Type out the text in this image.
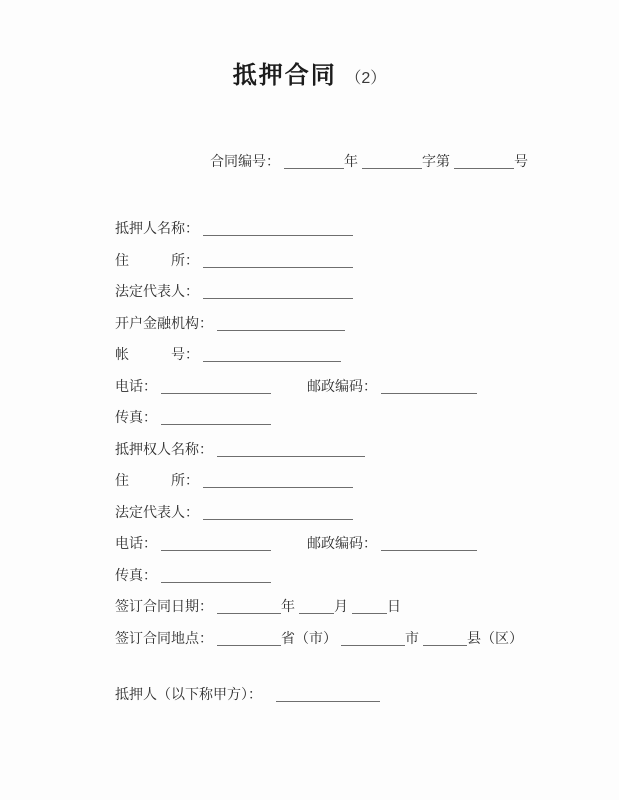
抵押合同 （2）
合同编号：	年	字第	号
抵押人名称：
住　　　所：
法定代表人：
开户金融机构：
帐　　　号：
电话：	邮政编码：
传真：
抵押权人名称：
住　　　所：
法定代表人：
电话：	邮政编码：
传真：
签订合同日期：	年	月	日
签订合同地点：	省（市）	市	县（区）
抵押人（以下称甲方）：
